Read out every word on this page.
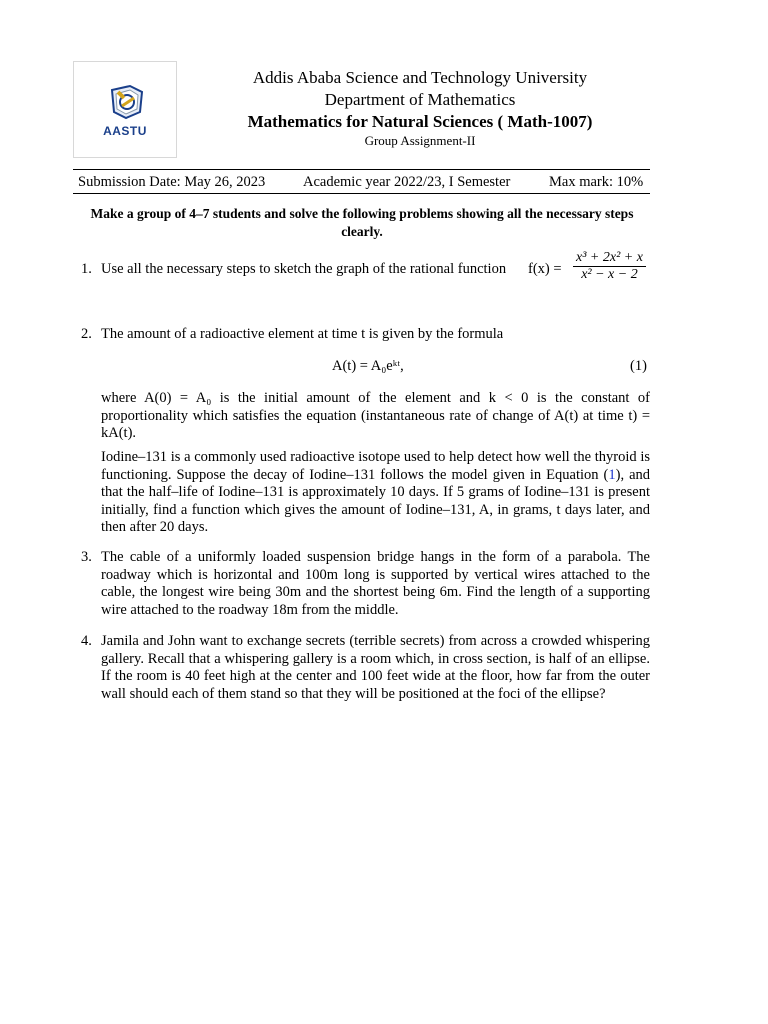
AASTU
Addis Ababa Science and Technology University
Department of Mathematics
Mathematics for Natural Sciences ( Math-1007)
Group Assignment-II
Submission Date: May 26, 2023	Academic year 2022/23, I Semester	Max mark: 10%
Make a group of 4–7 students and solve the following problems showing all the necessary steps clearly.
1. Use all the necessary steps to sketch the graph of the rational function	$f(x) = \frac{\text{x³ + 2x² + x}}{\text{x² − x − 2}}$
2. The amount of a radioactive element at time t is given by the formula

A(t) = A₀eᵏᵗ,	(1)

where A(0) = A₀ is the initial amount of the element and k < 0 is the constant of proportionality which satisfies the equation (instantaneous rate of change of A(t) at time t) = kA(t).

Iodine–131 is a commonly used radioactive isotope used to help detect how well the thyroid is functioning. Suppose the decay of Iodine–131 follows the model given in Equation (1), and that the half–life of Iodine–131 is approximately 10 days. If 5 grams of Iodine–131 is present initially, find a function which gives the amount of Iodine–131, A, in grams, t days later, and then after 20 days.

3. The cable of a uniformly loaded suspension bridge hangs in the form of a parabola. The roadway which is horizontal and 100m long is supported by vertical wires attached to the cable, the longest wire being 30m and the shortest being 6m. Find the length of a supporting wire attached to the roadway 18m from the middle.

4. Jamila and John want to exchange secrets (terrible secrets) from across a crowded whispering gallery. Recall that a whispering gallery is a room which, in cross section, is half of an ellipse. If the room is 40 feet high at the center and 100 feet wide at the floor, how far from the outer wall should each of them stand so that they will be positioned at the foci of the ellipse?
